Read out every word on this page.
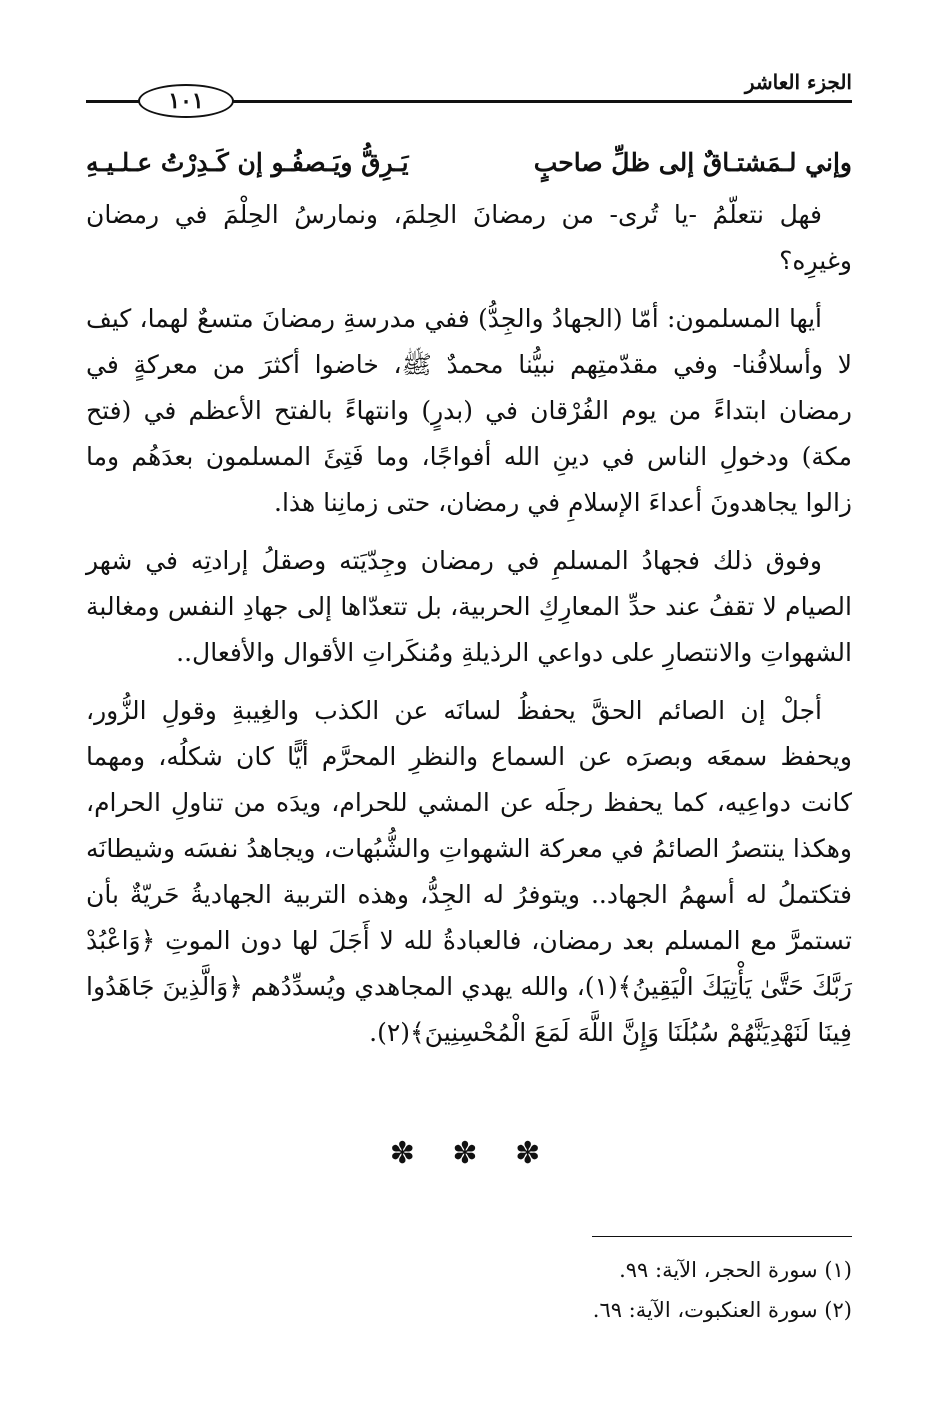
الجزء العاشر
١٠١
وإني لـمَشتـاقٌ إلى ظلِّ صاحبٍ
يَـرِقُّ ويَـصفُـو إن كَـدِرْتُ عـلـيـهِ

فهل نتعلّمُ -يا تُرى- من رمضانَ الحِلمَ، ونمارسُ الحِلْمَ في رمضان وغيرِه؟

أيها المسلمون: أمّا (الجهادُ والجِدُّ) ففي مدرسةِ رمضانَ متسعٌ لهما، كيف لا وأسلافُنا- وفي مقدّمتِهم نبيُّنا محمدٌ ﷺ، خاضوا أكثرَ من معركةٍ في رمضان ابتداءً من يوم الفُرْقان في (بدرٍ) وانتهاءً بالفتح الأعظم في (فتح مكة) ودخولِ الناس في دينِ الله أفواجًا، وما فَتِئَ المسلمون بعدَهُم وما زالوا يجاهدونَ أعداءَ الإسلامِ في رمضان، حتى زمانِنا هذا.

وفوق ذلك فجهادُ المسلمِ في رمضان وجِدّيَته وصقلُ إرادتِه في شهر الصيام لا تقفُ عند حدِّ المعارِكِ الحربية، بل تتعدّاها إلى جهادِ النفس ومغالبة الشهواتِ والانتصارِ على دواعي الرذيلةِ ومُنكَراتِ الأقوال والأفعال..

أجلْ إن الصائم الحقَّ يحفظُ لسانَه عن الكذب والغِيبةِ وقولِ الزُّور، ويحفظ سمعَه وبصرَه عن السماع والنظرِ المحرَّم أيًّا كان شكلُه، ومهما كانت دواعِيه، كما يحفظ رجلَه عن المشي للحرام، ويدَه من تناولِ الحرام، وهكذا ينتصرُ الصائمُ في معركة الشهواتِ والشُّبُهات، ويجاهدُ نفسَه وشيطانَه فتكتملُ له أسهمُ الجهاد.. ويتوفرُ له الجِدُّ، وهذه التربية الجهاديةُ حَريّةٌ بأن تستمرَّ مع المسلم بعد رمضان، فالعبادةُ لله لا أَجَلَ لها دون الموتِ ﴿وَاعْبُدْ رَبَّكَ حَتَّىٰ يَأْتِيَكَ الْيَقِينُ﴾(١)، والله يهدي المجاهدي ويُسدِّدُهم ﴿وَالَّذِينَ جَاهَدُوا فِينَا لَنَهْدِيَنَّهُمْ سُبُلَنَا وَإِنَّ اللَّهَ لَمَعَ الْمُحْسِنِينَ﴾(٢).

✽ ✽ ✽
(١) سورة الحجر، الآية: ٩٩.
(٢) سورة العنكبوت، الآية: ٦٩.
